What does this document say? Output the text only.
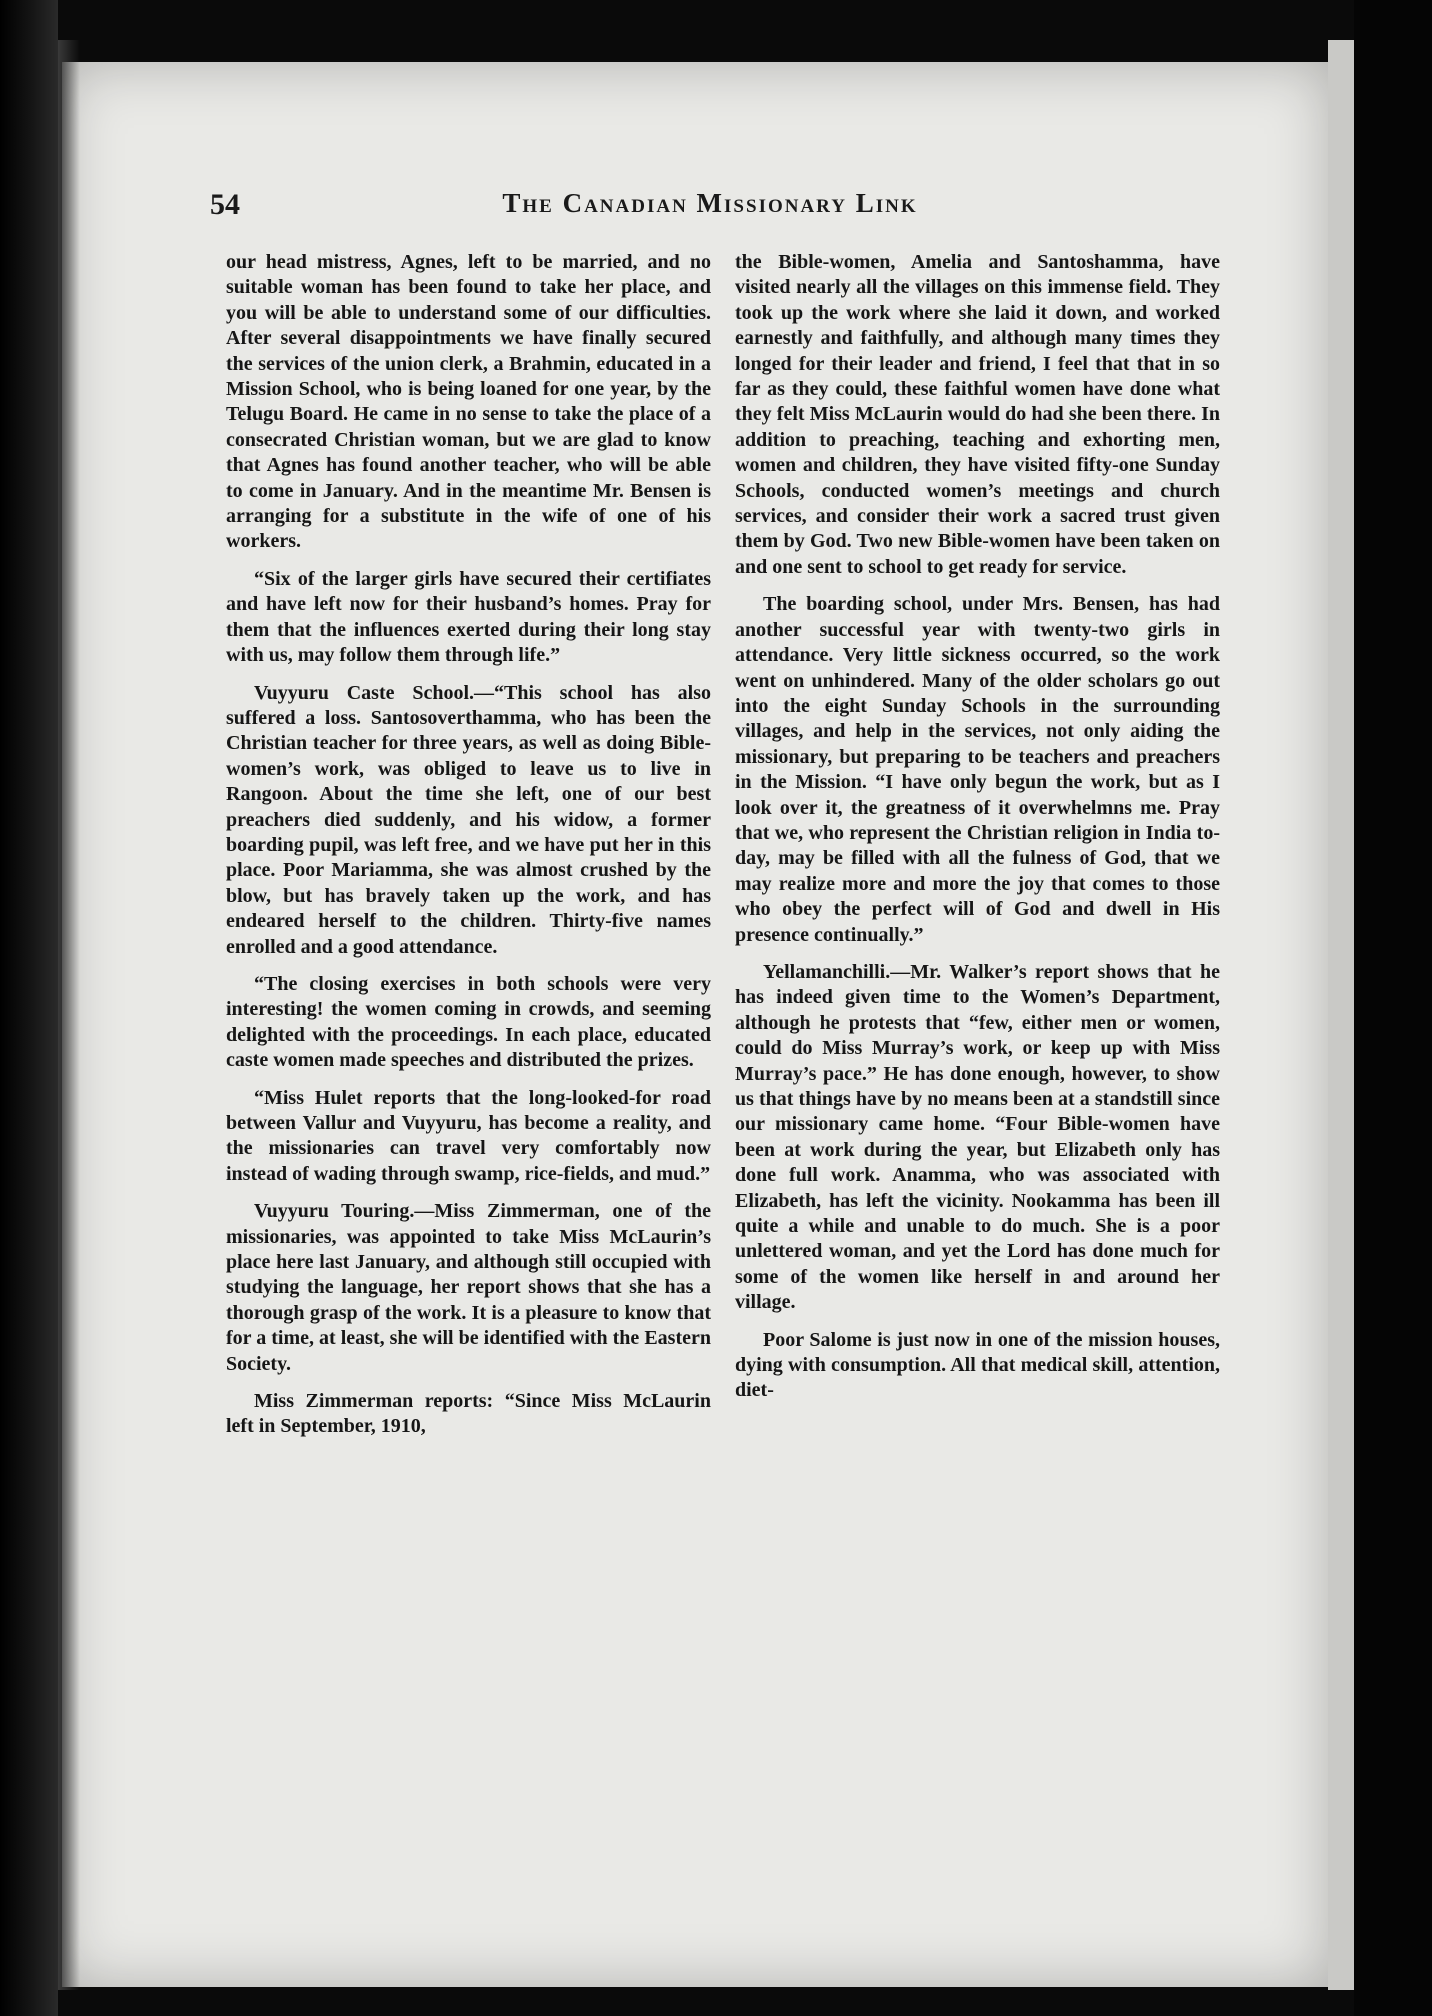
54	The Canadian Missionary Link

our head mistress, Agnes, left to be married, and no suitable woman has been found to take her place, and you will be able to understand some of our difficulties. After several disappointments we have finally secured the services of the union clerk, a Brahmin, educated in a Mission School, who is being loaned for one year, by the Telugu Board. He came in no sense to take the place of a consecrated Christian woman, but we are glad to know that Agnes has found another teacher, who will be able to come in January. And in the meantime Mr. Bensen is arranging for a substitute in the wife of one of his workers.

“Six of the larger girls have secured their certifiates and have left now for their husband’s homes. Pray for them that the influences exerted during their long stay with us, may follow them through life.”

Vuyyuru Caste School.—“This school has also suffered a loss. Santosoverthamma, who has been the Christian teacher for three years, as well as doing Bible-women’s work, was obliged to leave us to live in Rangoon. About the time she left, one of our best preachers died suddenly, and his widow, a former boarding pupil, was left free, and we have put her in this place. Poor Mariamma, she was almost crushed by the blow, but has bravely taken up the work, and has endeared herself to the children. Thirty-five names enrolled and a good attendance.

“The closing exercises in both schools were very interesting! the women coming in crowds, and seeming delighted with the proceedings. In each place, educated caste women made speeches and distributed the prizes.

“Miss Hulet reports that the long-looked-for road between Vallur and Vuyyuru, has become a reality, and the missionaries can travel very comfortably now instead of wading through swamp, rice-fields, and mud.”

Vuyyuru Touring.—Miss Zimmerman, one of the missionaries, was appointed to take Miss McLaurin’s place here last January, and although still occupied with studying the language, her report shows that she has a thorough grasp of the work. It is a pleasure to know that for a time, at least, she will be identified with the Eastern Society.

Miss Zimmerman reports: “Since Miss McLaurin left in September, 1910,

the Bible-women, Amelia and Santoshamma, have visited nearly all the villages on this immense field. They took up the work where she laid it down, and worked earnestly and faithfully, and although many times they longed for their leader and friend, I feel that that in so far as they could, these faithful women have done what they felt Miss McLaurin would do had she been there. In addition to preaching, teaching and exhorting men, women and children, they have visited fifty-one Sunday Schools, conducted women’s meetings and church services, and consider their work a sacred trust given them by God. Two new Bible-women have been taken on and one sent to school to get ready for service.

The boarding school, under Mrs. Bensen, has had another successful year with twenty-two girls in attendance. Very little sickness occurred, so the work went on unhindered. Many of the older scholars go out into the eight Sunday Schools in the surrounding villages, and help in the services, not only aiding the missionary, but preparing to be teachers and preachers in the Mission. “I have only begun the work, but as I look over it, the greatness of it overwhelmns me. Pray that we, who represent the Christian religion in India to-day, may be filled with all the fulness of God, that we may realize more and more the joy that comes to those who obey the perfect will of God and dwell in His presence continually.”

Yellamanchilli.—Mr. Walker’s report shows that he has indeed given time to the Women’s Department, although he protests that “few, either men or women, could do Miss Murray’s work, or keep up with Miss Murray’s pace.” He has done enough, however, to show us that things have by no means been at a standstill since our missionary came home. “Four Bible-women have been at work during the year, but Elizabeth only has done full work. Anamma, who was associated with Elizabeth, has left the vicinity. Nookamma has been ill quite a while and unable to do much. She is a poor unlettered woman, and yet the Lord has done much for some of the women like herself in and around her village.

Poor Salome is just now in one of the mission houses, dying with consumption. All that medical skill, attention, diet-
